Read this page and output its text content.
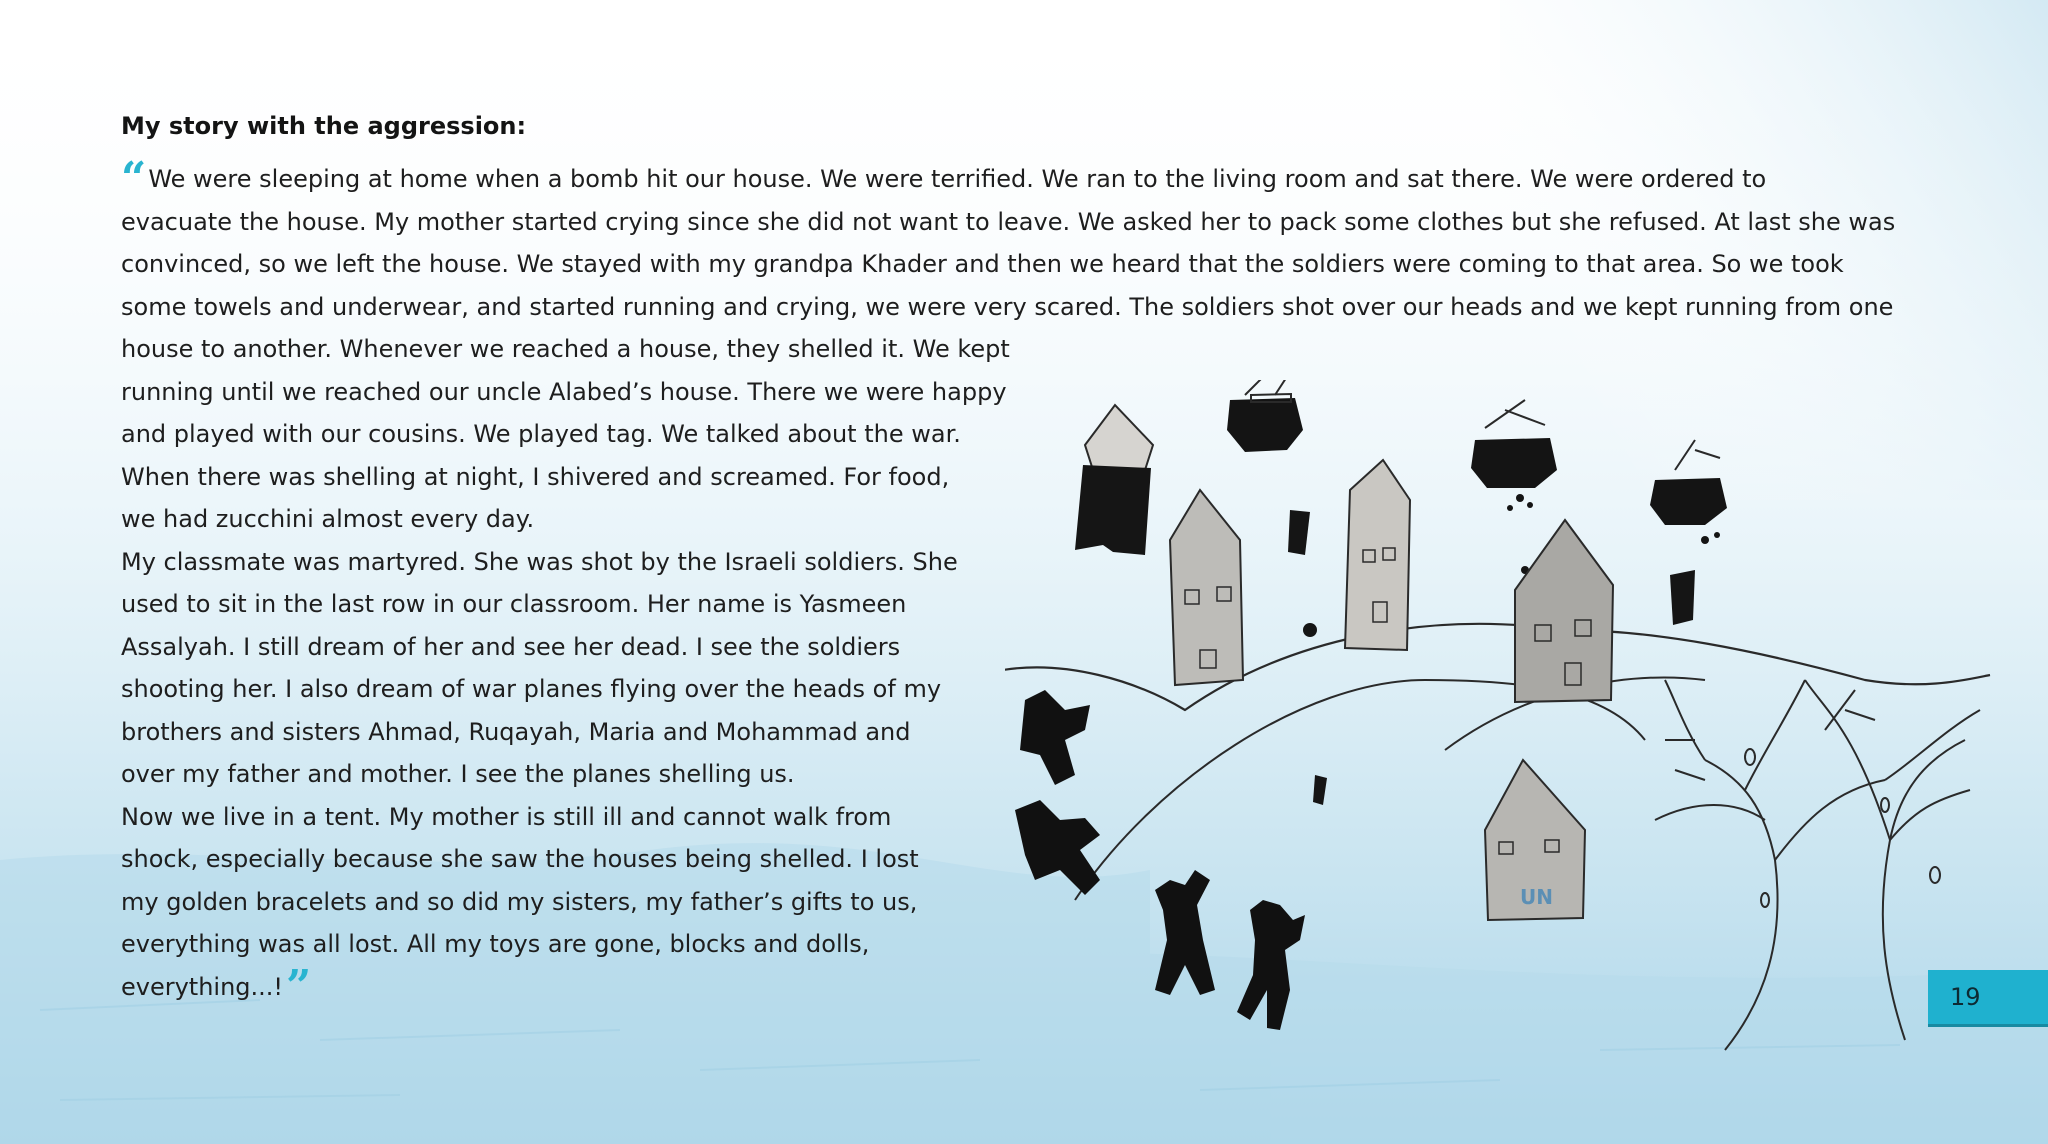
My story with the aggression:
“We were sleeping at home when a bomb hit our house. We were terrified. We ran to the living room and sat there. We were ordered to
evacuate the house. My mother started crying since she did not want to leave. We asked her to pack some clothes but she refused. At last she was
convinced, so we left the house. We stayed with my grandpa Khader and then we heard that the soldiers were coming to that area. So we took
some towels and underwear, and started running and crying, we were very scared. The soldiers shot over our heads and we kept running from one
house to another. Whenever we reached a house, they shelled it. We kept
running until we reached our uncle Alabed’s house. There we were happy
and played with our cousins. We played tag. We talked about the war.
When there was shelling at night, I shivered and screamed. For food,
we had zucchini almost every day.
My classmate was martyred. She was shot by the Israeli soldiers. She
used to sit in the last row in our classroom. Her name is Yasmeen
Assalyah. I still dream of her and see her dead. I see the soldiers
shooting her. I also dream of war planes flying over the heads of my
brothers and sisters Ahmad, Ruqayah, Maria and Mohammad and
over my father and mother. I see the planes shelling us.
Now we live in a tent. My mother is still ill and cannot walk from
shock, especially because she saw the houses being shelled. I lost
my golden bracelets and so did my sisters, my father’s gifts to us,
everything was all lost. All my toys are gone, blocks and dolls,
everything...!”
UN
19
